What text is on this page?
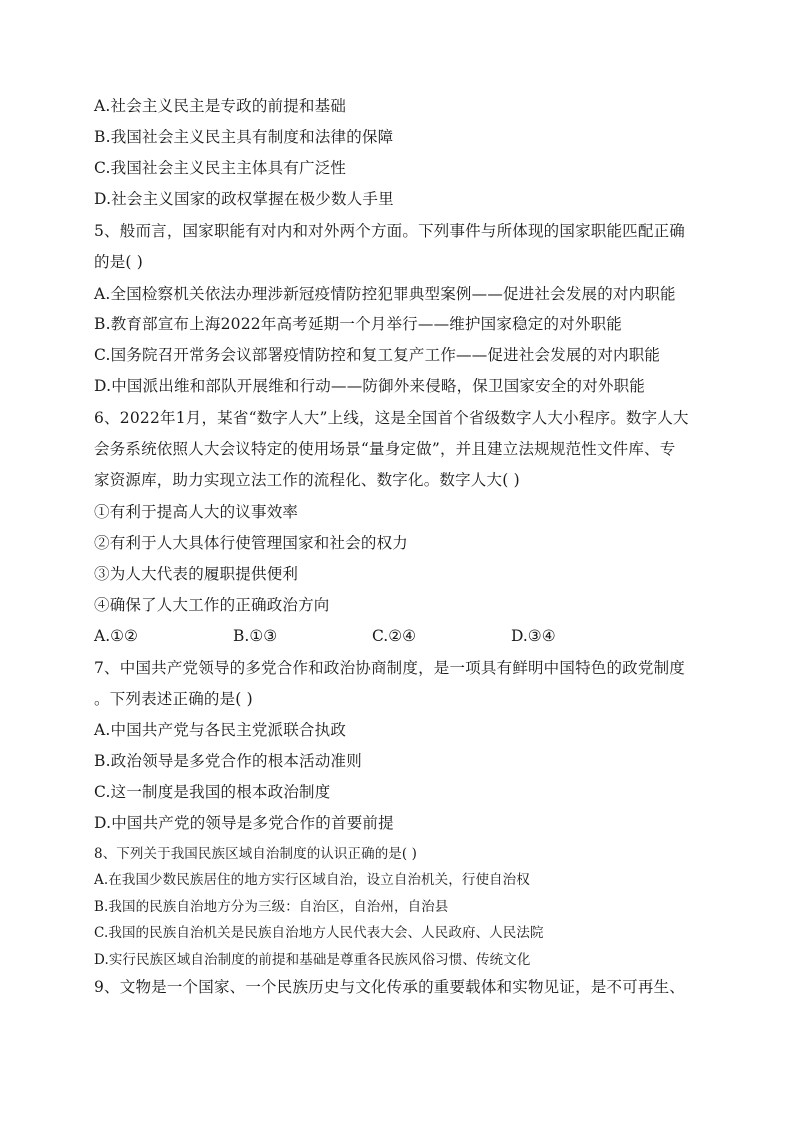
A.社会主义民主是专政的前提和基础
B.我国社会主义民主具有制度和法律的保障
C.我国社会主义民主主体具有广泛性
D.社会主义国家的政权掌握在极少数人手里
5、般而言，国家职能有对内和对外两个方面。下列事件与所体现的国家职能匹配正确
的是( )
A.全国检察机关依法办理涉新冠疫情防控犯罪典型案例——促进社会发展的对内职能
B.教育部宣布上海2022年高考延期一个月举行——维护国家稳定的对外职能
C.国务院召开常务会议部署疫情防控和复工复产工作——促进社会发展的对内职能
D.中国派出维和部队开展维和行动——防御外来侵略，保卫国家安全的对外职能
6、2022年1月，某省“数字人大”上线，这是全国首个省级数字人大小程序。数字人大
会务系统依照人大会议特定的使用场景“量身定做”，并且建立法规规范性文件库、专
家资源库，助力实现立法工作的流程化、数字化。数字人大( )
①有利于提高人大的议事效率
②有利于人大具体行使管理国家和社会的权力
③为人大代表的履职提供便利
④确保了人大工作的正确政治方向
A.①②	B.①③	C.②④	D.③④
7、中国共产党领导的多党合作和政治协商制度，是一项具有鲜明中国特色的政党制度
。下列表述正确的是( )
A.中国共产党与各民主党派联合执政
B.政治领导是多党合作的根本活动准则
C.这一制度是我国的根本政治制度
D.中国共产党的领导是多党合作的首要前提
8、下列关于我国民族区域自治制度的认识正确的是( )
A.在我国少数民族居住的地方实行区域自治，设立自治机关，行使自治权
B.我国的民族自治地方分为三级：自治区，自治州，自治县
C.我国的民族自治机关是民族自治地方人民代表大会、人民政府、人民法院
D.实行民族区域自治制度的前提和基础是尊重各民族风俗习惯、传统文化
9、文物是一个国家、一个民族历史与文化传承的重要载体和实物见证，是不可再生、
